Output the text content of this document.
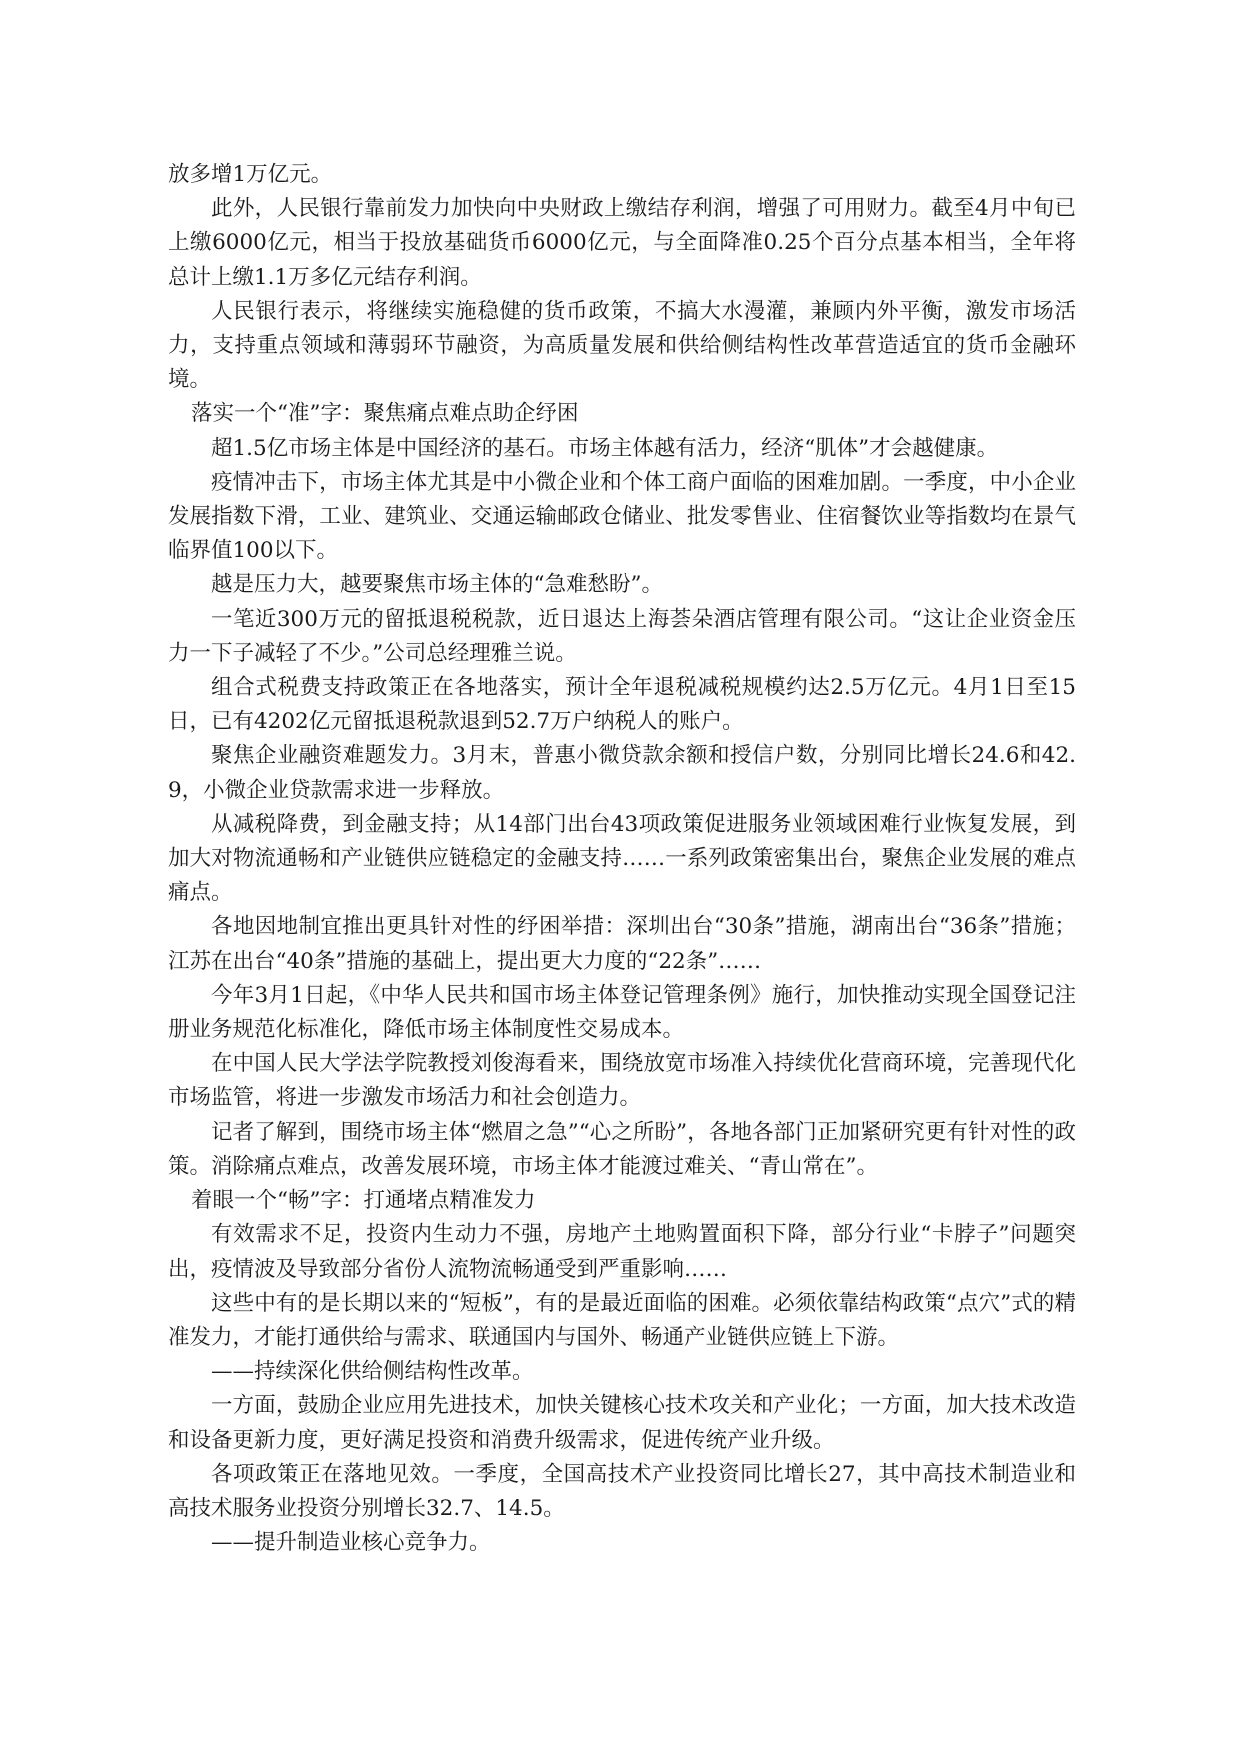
放多增1万亿元。

此外，人民银行靠前发力加快向中央财政上缴结存利润，增强了可用财力。截至4月中旬已上缴6000亿元，相当于投放基础货币6000亿元，与全面降准0.25个百分点基本相当，全年将总计上缴1.1万多亿元结存利润。

人民银行表示，将继续实施稳健的货币政策，不搞大水漫灌，兼顾内外平衡，激发市场活力，支持重点领域和薄弱环节融资，为高质量发展和供给侧结构性改革营造适宜的货币金融环境。

落实一个“准”字：聚焦痛点难点助企纾困

超1.5亿市场主体是中国经济的基石。市场主体越有活力，经济“肌体”才会越健康。

疫情冲击下，市场主体尤其是中小微企业和个体工商户面临的困难加剧。一季度，中小企业发展指数下滑，工业、建筑业、交通运输邮政仓储业、批发零售业、住宿餐饮业等指数均在景气临界值100以下。

越是压力大，越要聚焦市场主体的“急难愁盼”。

一笔近300万元的留抵退税税款，近日退达上海荟朵酒店管理有限公司。“这让企业资金压力一下子减轻了不少。”公司总经理雅兰说。

组合式税费支持政策正在各地落实，预计全年退税减税规模约达2.5万亿元。4月1日至15日，已有4202亿元留抵退税款退到52.7万户纳税人的账户。

聚焦企业融资难题发力。3月末，普惠小微贷款余额和授信户数，分别同比增长24.6和42.9，小微企业贷款需求进一步释放。

从减税降费，到金融支持；从14部门出台43项政策促进服务业领域困难行业恢复发展，到加大对物流通畅和产业链供应链稳定的金融支持……一系列政策密集出台，聚焦企业发展的难点痛点。

各地因地制宜推出更具针对性的纾困举措：深圳出台“30条”措施，湖南出台“36条”措施；江苏在出台“40条”措施的基础上，提出更大力度的“22条”……

今年3月1日起，《中华人民共和国市场主体登记管理条例》施行，加快推动实现全国登记注册业务规范化标准化，降低市场主体制度性交易成本。

在中国人民大学法学院教授刘俊海看来，围绕放宽市场准入持续优化营商环境，完善现代化市场监管，将进一步激发市场活力和社会创造力。

记者了解到，围绕市场主体“燃眉之急”“心之所盼”，各地各部门正加紧研究更有针对性的政策。消除痛点难点，改善发展环境，市场主体才能渡过难关、“青山常在”。

着眼一个“畅”字：打通堵点精准发力

有效需求不足，投资内生动力不强，房地产土地购置面积下降，部分行业“卡脖子”问题突出，疫情波及导致部分省份人流物流畅通受到严重影响……

这些中有的是长期以来的“短板”，有的是最近面临的困难。必须依靠结构政策“点穴”式的精准发力，才能打通供给与需求、联通国内与国外、畅通产业链供应链上下游。

——持续深化供给侧结构性改革。

一方面，鼓励企业应用先进技术，加快关键核心技术攻关和产业化；一方面，加大技术改造和设备更新力度，更好满足投资和消费升级需求，促进传统产业升级。

各项政策正在落地见效。一季度，全国高技术产业投资同比增长27，其中高技术制造业和高技术服务业投资分别增长32.7、14.5。

——提升制造业核心竞争力。
